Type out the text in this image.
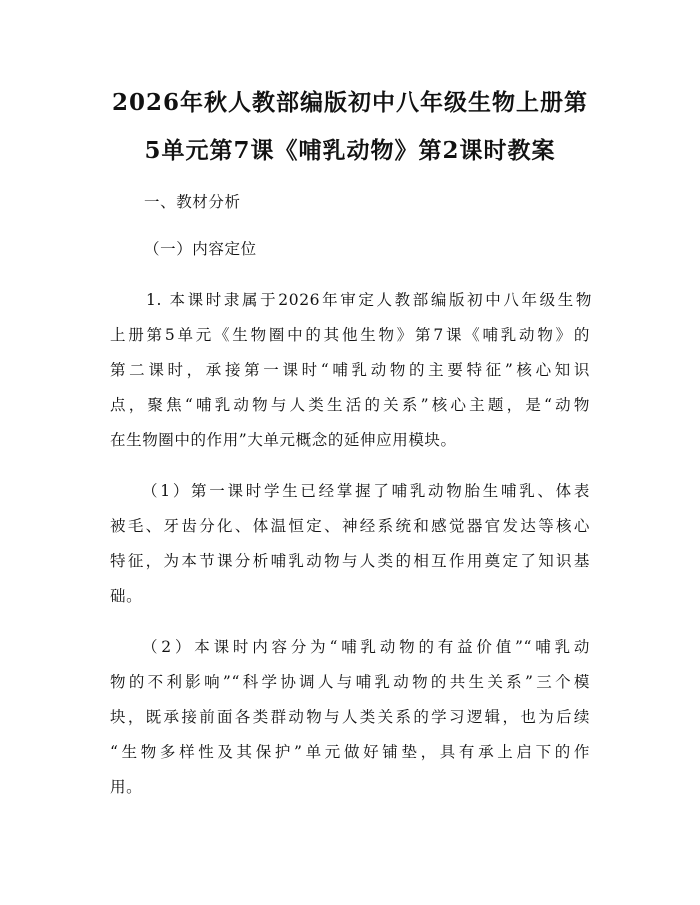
2026年秋人教部编版初中八年级生物上册第
5单元第7课《哺乳动物》第2课时教案
一、教材分析
（一）内容定位
1. 本课时隶属于2026年审定人教部编版初中八年级生物
上册第5单元《生物圈中的其他生物》第7课《哺乳动物》的
第二课时，承接第一课时“哺乳动物的主要特征”核心知识
点，聚焦“哺乳动物与人类生活的关系”核心主题，是“动物
在生物圈中的作用”大单元概念的延伸应用模块。
（1）第一课时学生已经掌握了哺乳动物胎生哺乳、体表
被毛、牙齿分化、体温恒定、神经系统和感觉器官发达等核心
特征，为本节课分析哺乳动物与人类的相互作用奠定了知识基
础。
（2）本课时内容分为“哺乳动物的有益价值”“哺乳动
物的不利影响”“科学协调人与哺乳动物的共生关系”三个模
块，既承接前面各类群动物与人类关系的学习逻辑，也为后续
“生物多样性及其保护”单元做好铺垫，具有承上启下的作
用。
